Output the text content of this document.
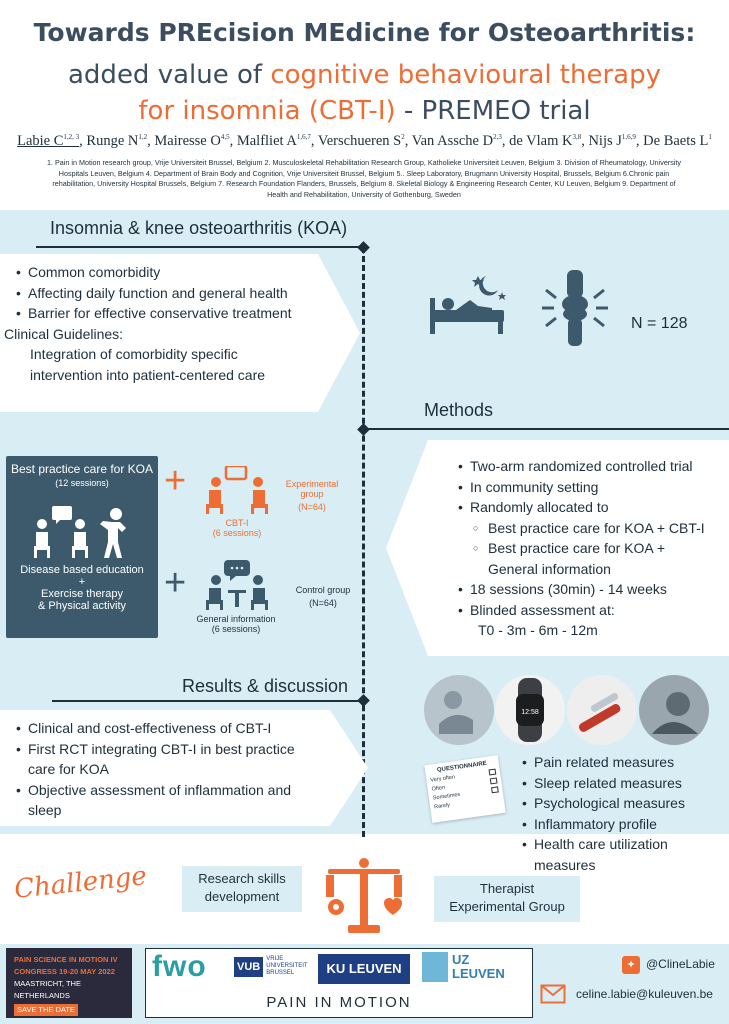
Towards PREcision MEdicine for Osteoarthritis:
added value of cognitive behavioural therapy
for insomnia (CBT-I) - PREMEO trial
Labie C$^{1,2, 3}$, Runge N$^{1,2}$, Mairesse O$^{4,5}$, Malfliet A$^{1,6,7}$, Verschueren $S^2$, Van Assche D$^{2,3}$, de Vlam K$^{3,8}$, Nijs J$^{1,6,9}$, De Baets $L^1$
1. Pain in Motion research group, Vrije Universiteit Brussel, Belgium 2. Musculoskeletal Rehabilitation Research Group, Katholieke Universiteit Leuven, Belgium 3. Division of Rheumatology, University Hospitals Leuven, Belgium 4. Department of Brain Body and Cognition, Vrije Universiteit Brussel, Belgium 5.. Sleep Laboratory, Brugmann University Hospital, Brussels, Belgium 6.Chronic pain rehabilitation, University Hospital Brussels, Belgium 7. Research Foundation Flanders, Brussels, Belgium 8. Skeletal Biology & Engineering Research Center, KU Leuven, Belgium 9. Department of Health and Rehabilitation, University of Gothenburg, Sweden
Insomnia & knee osteoarthritis (KOA)
• Common comorbidity
• Affecting daily function and general health
• Barrier for effective conservative treatment
Clinical Guidelines:
Integration of comorbidity specific intervention into patient-centered care
N = 128
Methods
• Two-arm randomized controlled trial
• In community setting
• Randomly allocated to
○ Best practice care for KOA + CBT-I
○ Best practice care for KOA + General information
• 18 sessions (30min) - 14 weeks
• Blinded assessment at:
T0 - 3m - 6m - 12m
Best practice care for KOA
(12 sessions)
Disease based education
+
Exercise therapy
& Physical activity
+
CBT-I
(6 sessions)
Experimental group
(N=64)
+
General information
(6 sessions)
Control group
(N=64)
Results & discussion
• Clinical and cost-effectiveness of CBT-I
• First RCT integrating CBT-I in best practice care for KOA
• Objective assessment of inflammation and sleep
12:58
QUESTIONNAIRE
Very often
Often
Sometimes
Rarely
• Pain related measures
• Sleep related measures
• Psychological measures
• Inflammatory profile
• Health care utilization measures
Challenge	Research skills development
Therapist Experimental Group
PAIN SCIENCE IN MOTION IV
CONGRESS 19-20 MAY 2022
MAASTRICHT, THE NETHERLANDS
SAVE THE DATE
fwo	VUB
VRIJE
UNIVERSITEIT
BRUSSEL	KU LEUVEN
UZ
LEUVEN
PAIN IN MOTION
✦ @ClineLabie
celine.labie@kuleuven.be
